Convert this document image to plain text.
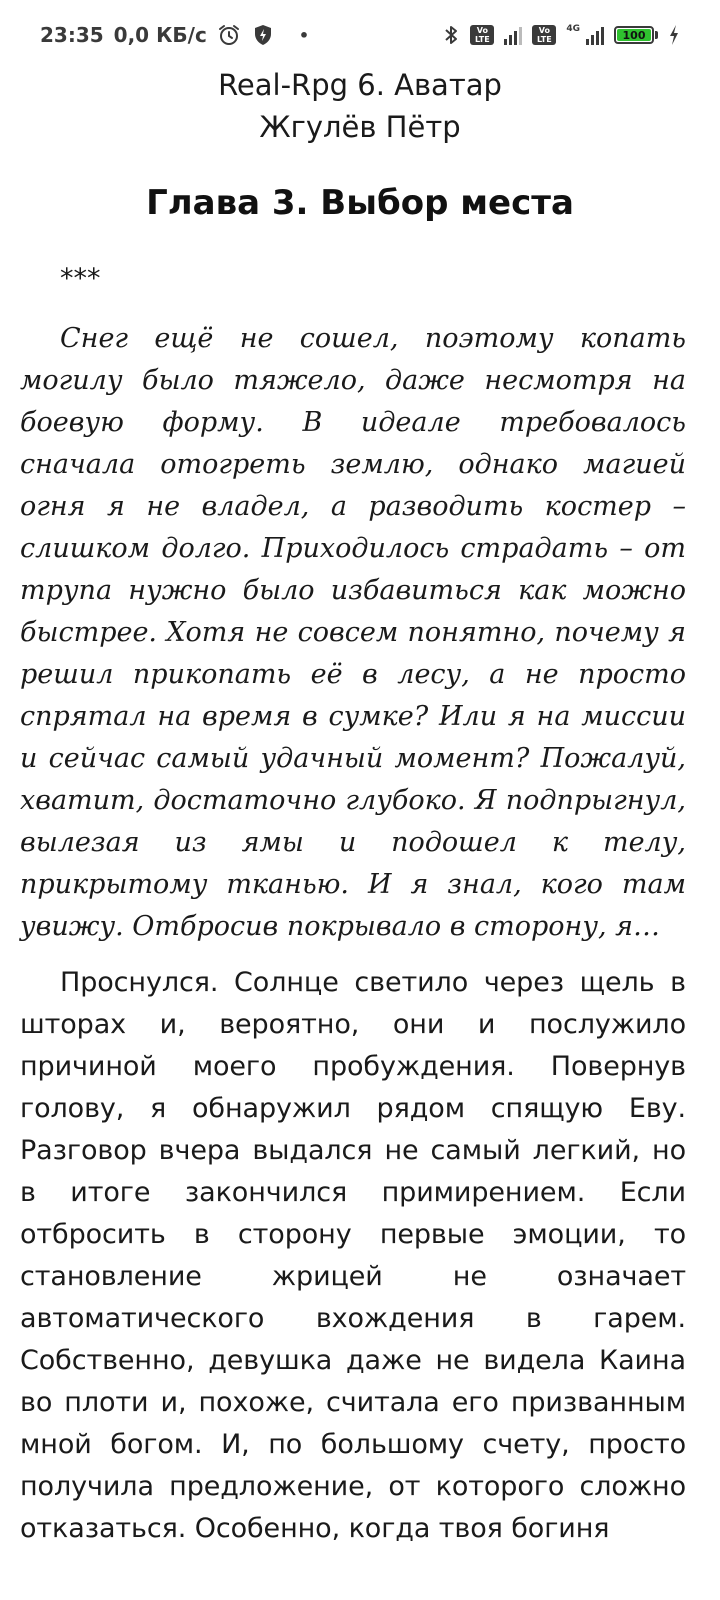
23:35 0,0 КБ/с	•	Vo
LTE
Vo
LTE
4G	100
Real-Rpg 6. Аватар
Жгулёв Пётр
Глава 3. Выбор места
***

Снег ещё не сошел, поэтому копать могилу было тяжело, даже несмотря на боевую форму. В идеале требовалось сначала отогреть землю, однако магией огня я не владел, а разводить костер – слишком долго. Приходилось страдать – от трупа нужно было избавиться как можно быстрее. Хотя не совсем понятно, почему я решил прикопать её в лесу, а не просто спрятал на время в сумке? Или я на миссии и сейчас самый удачный момент? Пожалуй, хватит, достаточно глубоко. Я подпрыгнул, вылезая из ямы и подошел к телу, прикрытому тканью. И я знал, кого там увижу. Отбросив покрывало в сторону, я…

Проснулся. Солнце светило через щель в шторах и, вероятно, они и послужило причиной моего пробуждения. Повернув голову, я обнаружил рядом спящую Еву. Разговор вчера выдался не самый легкий, но в итоге закончился примирением. Если отбросить в сторону первые эмоции, то становление жрицей не означает автоматического вхождения в гарем. Собственно, девушка даже не видела Каина во плоти и, похоже, считала его призванным мной богом. И, по большому счету, просто получила предложение, от которого сложно отказаться. Особенно, когда твоя богиня
